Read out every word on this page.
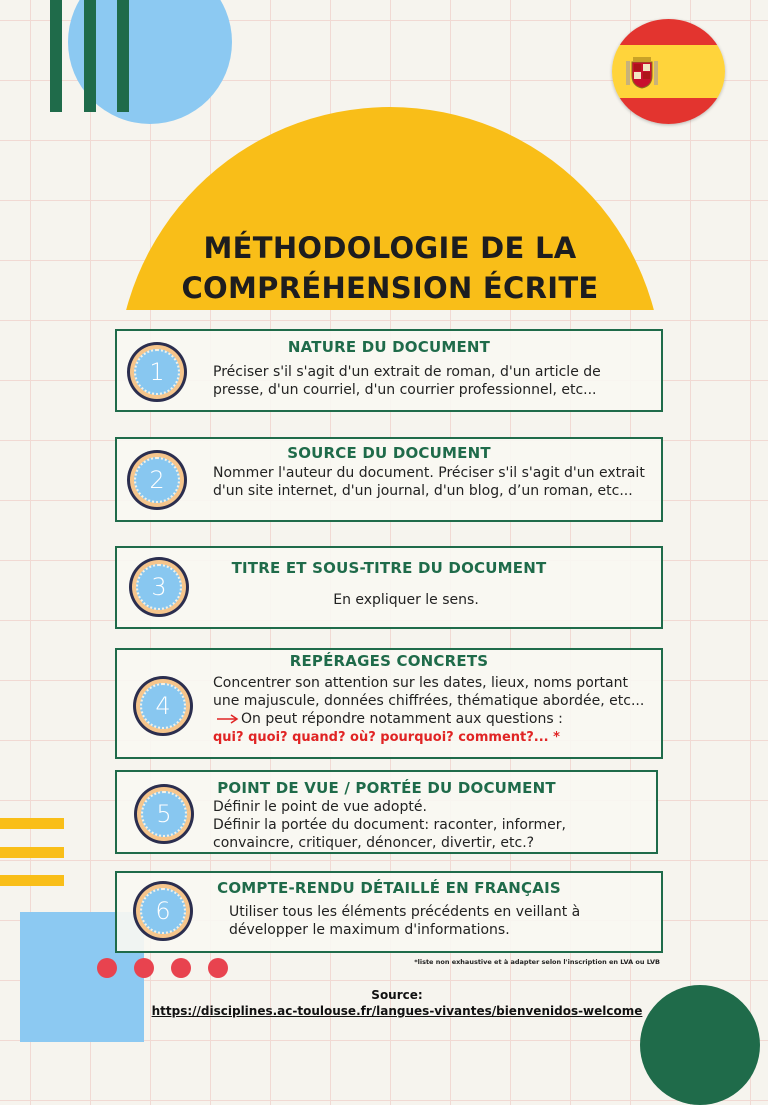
MÉTHODOLOGIE DE LA
COMPRÉHENSION ÉCRITE
NATURE DU DOCUMENT
1	Préciser s'il s'agit d'un extrait de roman, d'un article de presse, d'un courriel, d'un courrier professionnel, etc...
SOURCE DU DOCUMENT
2	Nommer l'auteur du document. Préciser s'il s'agit d'un extrait d'un site internet, d'un journal, d'un blog, d’un roman, etc...
TITRE ET SOUS-TITRE DU DOCUMENT
3	En expliquer le sens.
REPÉRAGES CONCRETS
4
Concentrer son attention sur les dates, lieux, noms portant une majuscule, données chiffrées, thématique abordée, etc...On peut répondre notamment aux questions :
qui? quoi? quand? où? pourquoi? comment?... *
POINT DE VUE / PORTÉE DU DOCUMENT
5	Définir le point de vue adopté.
Définir la portée du document: raconter, informer, convaincre, critiquer, dénoncer, divertir, etc.?
COMPTE-RENDU DÉTAILLÉ EN FRANÇAIS
6	Utiliser tous les éléments précédents en veillant à développer le maximum d'informations.
*liste non exhaustive et à adapter selon l'inscription en LVA ou LVB
Source:
https://disciplines.ac-toulouse.fr/langues-vivantes/bienvenidos-welcome
